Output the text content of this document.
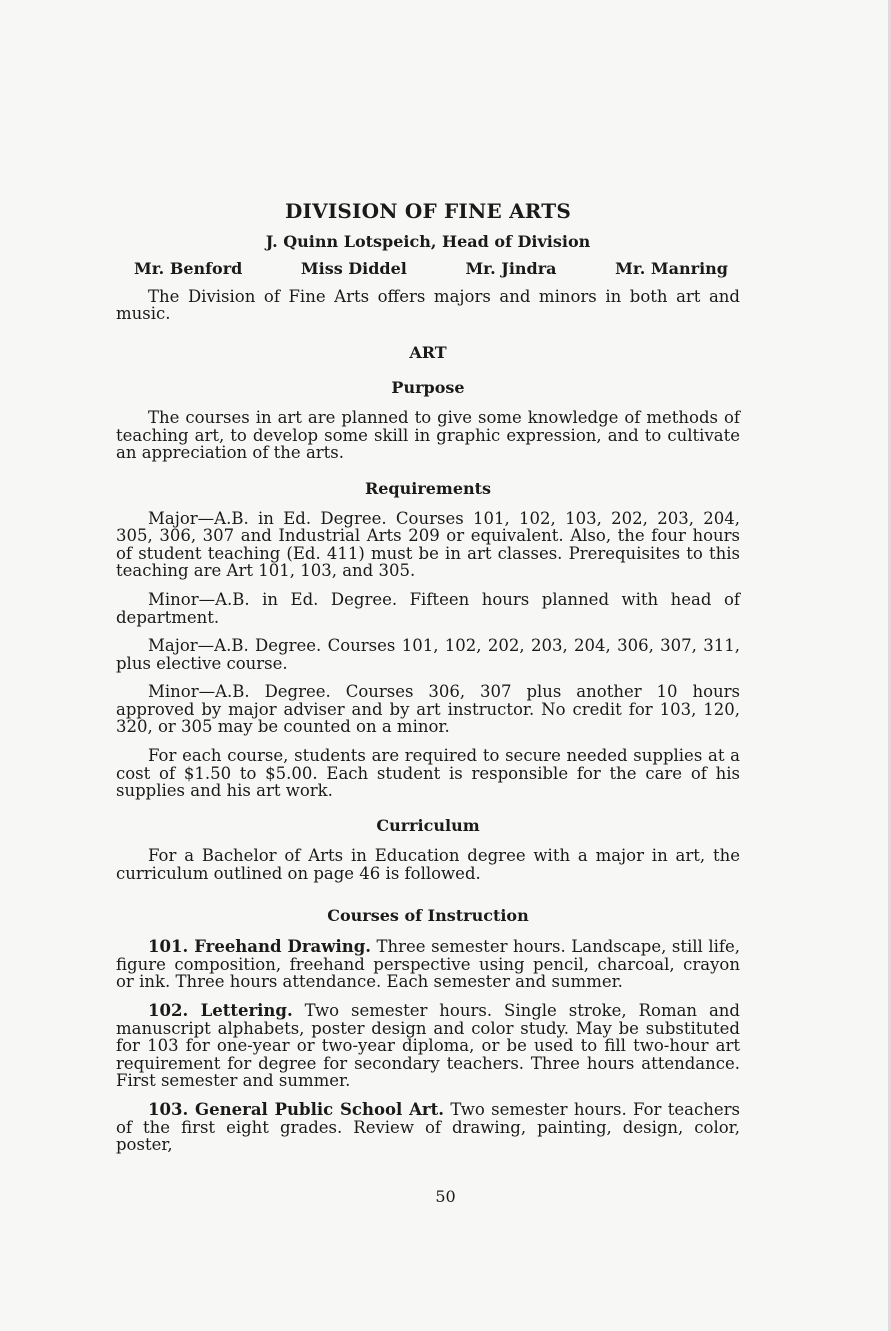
DIVISION OF FINE ARTS
J. Quinn Lotspeich, Head of Division
Mr. Benford	Miss Diddel	Mr. Jindra	Mr. Manring

The Division of Fine Arts offers majors and minors in both art and music.

ART
Purpose

The courses in art are planned to give some knowledge of methods of teaching art, to develop some skill in graphic expression, and to cultivate an appreciation of the arts.

Requirements

Major—A.B. in Ed. Degree. Courses 101, 102, 103, 202, 203, 204, 305, 306, 307 and Industrial Arts 209 or equivalent. Also, the four hours of student teaching (Ed. 411) must be in art classes. Prerequisites to this teaching are Art 101, 103, and 305.

Minor—A.B. in Ed. Degree. Fifteen hours planned with head of department.

Major—A.B. Degree. Courses 101, 102, 202, 203, 204, 306, 307, 311, plus elective course.

Minor—A.B. Degree. Courses 306, 307 plus another 10 hours approved by major adviser and by art instructor. No credit for 103, 120, 320, or 305 may be counted on a minor.

For each course, students are required to secure needed supplies at a cost of $1.50 to $5.00. Each student is responsible for the care of his supplies and his art work.

Curriculum

For a Bachelor of Arts in Education degree with a major in art, the curriculum outlined on page 46 is followed.

Courses of Instruction

101. Freehand Drawing. Three semester hours. Landscape, still life, figure composition, freehand perspective using pencil, charcoal, crayon or ink. Three hours attendance. Each semester and summer.

102. Lettering. Two semester hours. Single stroke, Roman and manuscript alphabets, poster design and color study. May be substituted for 103 for one-year or two-year diploma, or be used to fill two-hour art requirement for degree for secondary teachers. Three hours attendance. First semester and summer.

103. General Public School Art. Two semester hours. For teachers of the first eight grades. Review of drawing, painting, design, color, poster,

50
